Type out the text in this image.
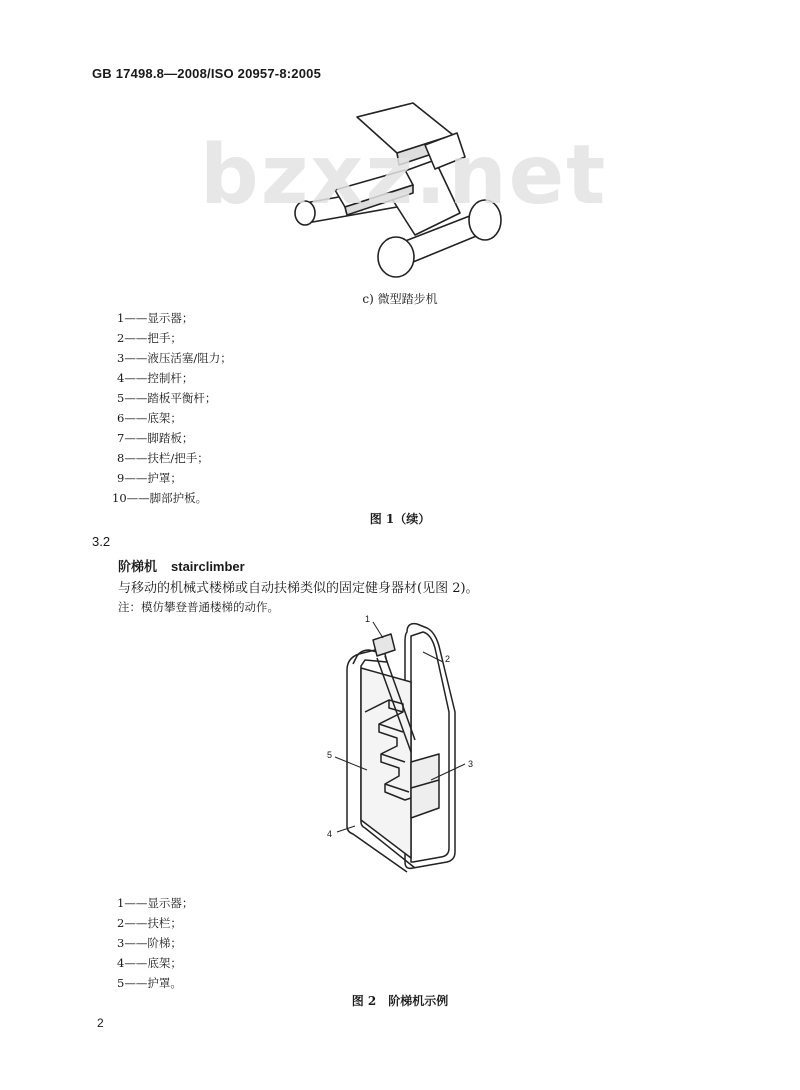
GB 17498.8—2008/ISO 20957-8:2005
bzxz.net
c) 微型踏步机
1——显示器；
2——把手；
3——液压活塞/阻力；
4——控制杆；
5——踏板平衡杆；
6——底架；
7——脚踏板；
8——扶栏/把手；
9——护罩；
10——脚部护板。
图 1（续）
3.2
阶梯机 stairclimber
与移动的机械式楼梯或自动扶梯类似的固定健身器材(见图 2)。
注：模仿攀登普通楼梯的动作。
1
2
3
4
5
1——显示器；
2——扶栏；
3——阶梯；
4——底架；
5——护罩。
图 2　阶梯机示例
2
